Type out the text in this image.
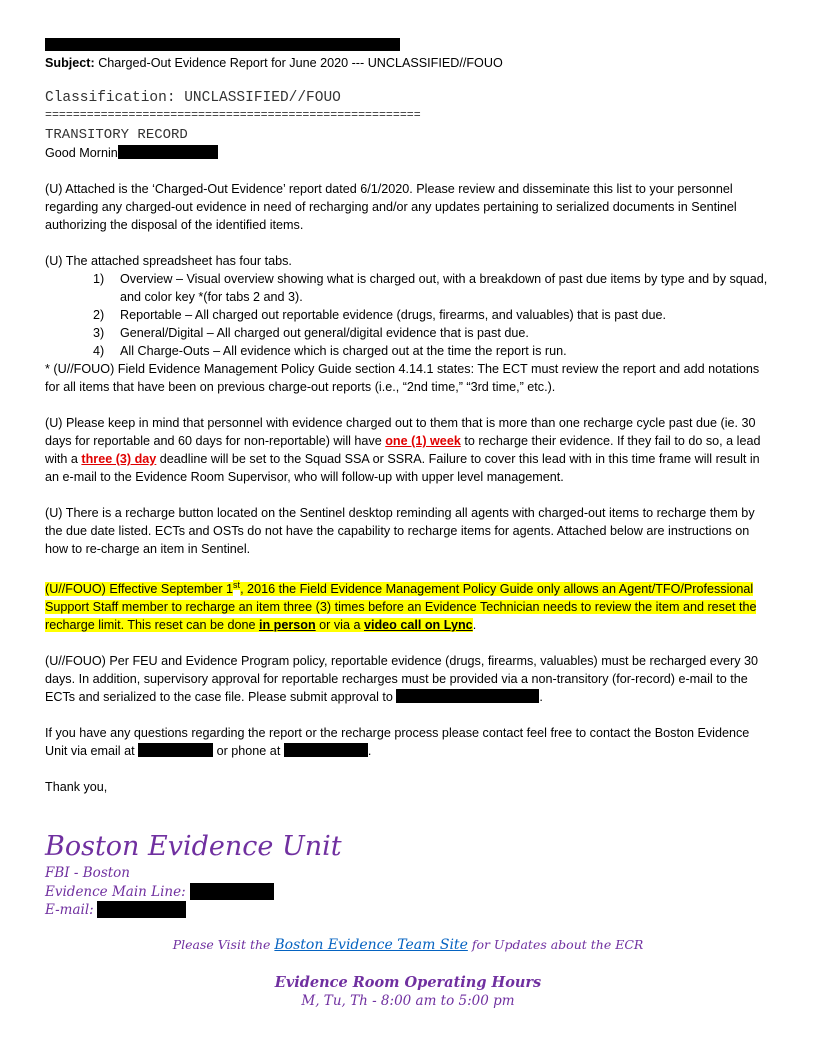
Subject: Charged-Out Evidence Report for June 2020 --- UNCLASSIFIED//FOUO
Classification: UNCLASSIFIED//FOUO
======================================================
TRANSITORY RECORD
Good Mornin

(U) Attached is the ‘Charged-Out Evidence’ report dated 6/1/2020. Please review and disseminate this list to your personnel regarding any charged-out evidence in need of recharging and/or any updates pertaining to serialized documents in Sentinel authorizing the disposal of the identified items.

(U) The attached spreadsheet has four tabs.

1) Overview – Visual overview showing what is charged out, with a breakdown of past due items by type and by squad, and color key *(for tabs 2 and 3).
2) Reportable – All charged out reportable evidence (drugs, firearms, and valuables) that is past due.
3) General/Digital – All charged out general/digital evidence that is past due.
4) All Charge-Outs – All evidence which is charged out at the time the report is run.

* (U//FOUO) Field Evidence Management Policy Guide section 4.14.1 states: The ECT must review the report and add notations for all items that have been on previous charge-out reports (i.e., “2nd time,” “3rd time,” etc.).

(U) Please keep in mind that personnel with evidence charged out to them that is more than one recharge cycle past due (ie. 30 days for reportable and 60 days for non-reportable) will have one (1) week to recharge their evidence. If they fail to do so, a lead with a three (3) day deadline will be set to the Squad SSA or SSRA. Failure to cover this lead with in this time frame will result in an e-mail to the Evidence Room Supervisor, who will follow-up with upper level management.

(U) There is a recharge button located on the Sentinel desktop reminding all agents with charged-out items to recharge them by the due date listed. ECTs and OSTs do not have the capability to recharge items for agents. Attached below are instructions on how to re-charge an item in Sentinel.

(U//FOUO) Effective September 1st, 2016 the Field Evidence Management Policy Guide only allows an Agent/TFO/Professional Support Staff member to recharge an item three (3) times before an Evidence Technician needs to review the item and reset the recharge limit. This reset can be done in person or via a video call on Lync.

(U//FOUO) Per FEU and Evidence Program policy, reportable evidence (drugs, firearms, valuables) must be recharged every 30 days. In addition, supervisory approval for reportable recharges must be provided via a non-transitory (for-record) e-mail to the ECTs and serialized to the case file. Please submit approval to	.

If you have any questions regarding the report or the recharge process please contact feel free to contact the Boston Evidence Unit via email at	or phone at	.

Thank you,

Boston Evidence Unit
FBI - Boston
Evidence Main Line:
E-mail:
Please Visit the Boston Evidence Team Site for Updates about the ECR
Evidence Room Operating Hours
M, Tu, Th - 8:00 am to 5:00 pm
